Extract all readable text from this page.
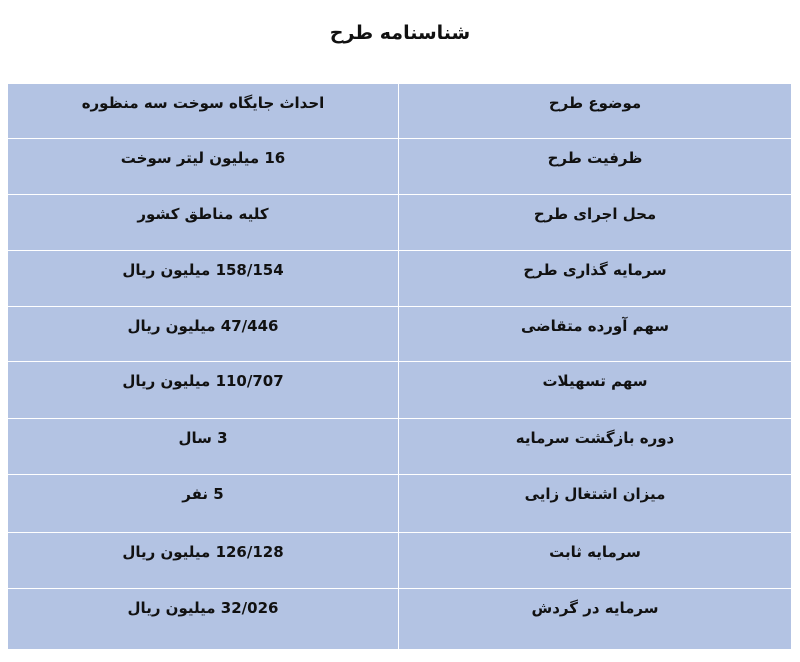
شناسنامه طرح
احداث جایگاه سوخت سه منظوره	موضوع طرح
16 میلیون لیتر سوخت	ظرفیت طرح
کلیه مناطق کشور	محل اجرای طرح
158/154 میلیون ریال	سرمایه گذاری طرح
47/446 میلیون ریال	سهم آورده متقاضی
110/707 میلیون ریال	سهم تسهیلات
3 سال	دوره بازگشت سرمایه
5 نفر	میزان اشتغال زایی
126/128 میلیون ریال	سرمایه ثابت
32/026 میلیون ریال	سرمایه در گردش
